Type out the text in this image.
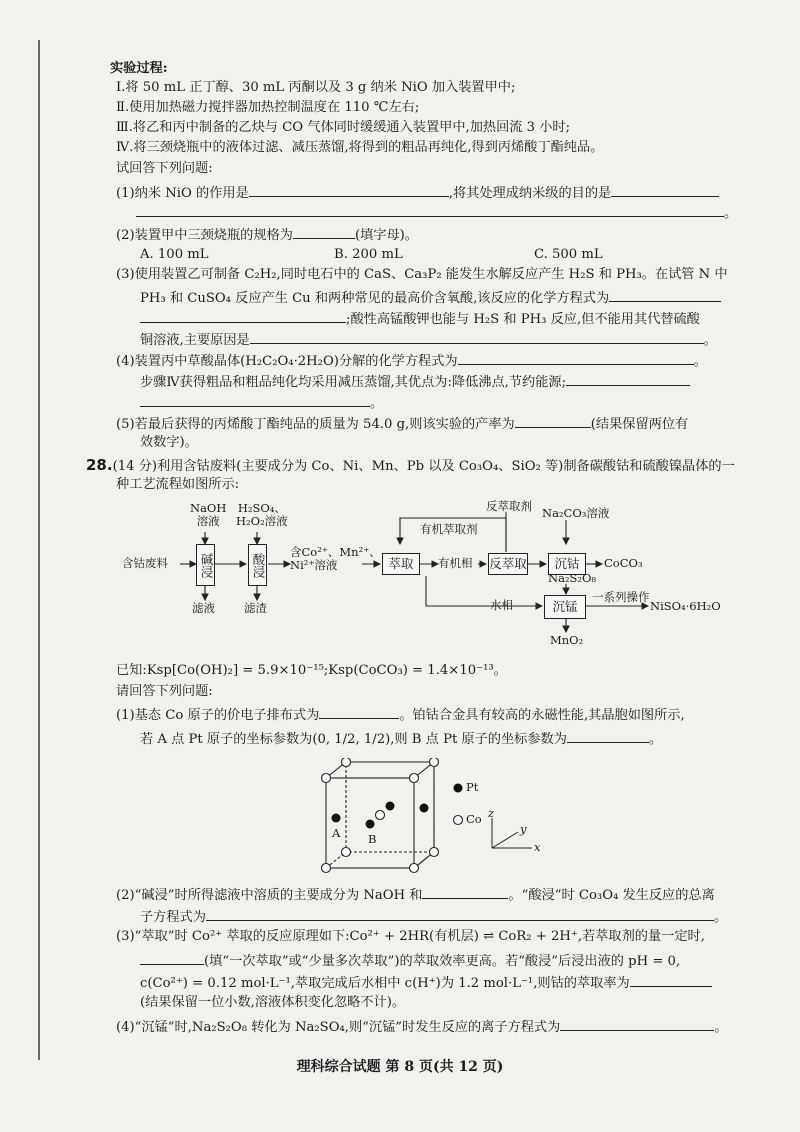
实验过程:
Ⅰ.将 50 mL 正丁醇、30 mL 丙酮以及 3 g 纳米 NiO 加入装置甲中;
Ⅱ.使用加热磁力搅拌器加热控制温度在 110 ℃左右;
Ⅲ.将乙和丙中制备的乙炔与 CO 气体同时缓缓通入装置甲中,加热回流 3 小时;
Ⅳ.将三颈烧瓶中的液体过滤、减压蒸馏,将得到的粗品再纯化,得到丙烯酸丁酯纯品。
试回答下列问题:
(1)纳米 NiO 的作用是	,将其处理成纳米级的目的是
。
(2)装置甲中三颈烧瓶的规格为	(填字母)。
A. 100 mL	B. 200 mL	C. 500 mL
(3)使用装置乙可制备 C₂H₂,同时电石中的 CaS、Ca₃P₂ 能发生水解反应产生 H₂S 和 PH₃。在试管 N 中
PH₃ 和 CuSO₄ 反应产生 Cu 和两种常见的最高价含氧酸,该反应的化学方程式为
;酸性高锰酸钾也能与 H₂S 和 PH₃ 反应,但不能用其代替硫酸
铜溶液,主要原因是	。
(4)装置丙中草酸晶体(H₂C₂O₄·2H₂O)分解的化学方程式为	。
步骤Ⅳ获得粗品和粗品纯化均采用减压蒸馏,其优点为:降低沸点,节约能源;
。
(5)若最后获得的丙烯酸丁酯纯品的质量为 54.0 g,则该实验的产率为	(结果保留两位有
效数字)。
28.(14 分)利用含钴废料(主要成分为 Co、Ni、Mn、Pb 以及 Co₃O₄、SiO₂ 等)制备碳酸钴和硫酸镍晶体的一
种工艺流程如图所示:
含钴废料
NaOH
溶液
碱浸
滤液
H₂SO₄、
H₂O₂溶液
酸浸
滤渣
含Co²⁺、Mn²⁺、
Ni²⁺溶液	萃取
有机萃取剂
有机相
反萃取剂
反萃取
Na₂CO₃溶液
沉钴	CoCO₃
Na₂S₂O₈
水相	沉锰
一系列操作
NiSO₄·6H₂O
MnO₂
已知:Ksp[Co(OH)₂] = 5.9×10⁻¹⁵;Ksp(CoCO₃) = 1.4×10⁻¹³。
请回答下列问题:
(1)基态 Co 原子的价电子排布式为	。铂钴合金具有较高的永磁性能,其晶胞如图所示,
若 A 点 Pt 原子的坐标参数为(0, 1/2, 1/2),则 B 点 Pt 原子的坐标参数为	。
Pt
Co
A B
z
y
x
(2)“碱浸”时所得滤液中溶质的主要成分为 NaOH 和	。“酸浸”时 Co₃O₄ 发生反应的总离
子方程式为	。
(3)“萃取”时 Co²⁺ 萃取的反应原理如下:Co²⁺ + 2HR(有机层) ⇌ CoR₂ + 2H⁺,若萃取剂的量一定时,
(填“一次萃取”或“少量多次萃取”)的萃取效率更高。若“酸浸”后浸出液的 pH = 0,
c(Co²⁺) = 0.12 mol·L⁻¹,萃取完成后水相中 c(H⁺)为 1.2 mol·L⁻¹,则钴的萃取率为
(结果保留一位小数,溶液体积变化忽略不计)。
(4)“沉锰”时,Na₂S₂O₈ 转化为 Na₂SO₄,则“沉锰”时发生反应的离子方程式为	。
理科综合试题 第 8 页(共 12 页)
